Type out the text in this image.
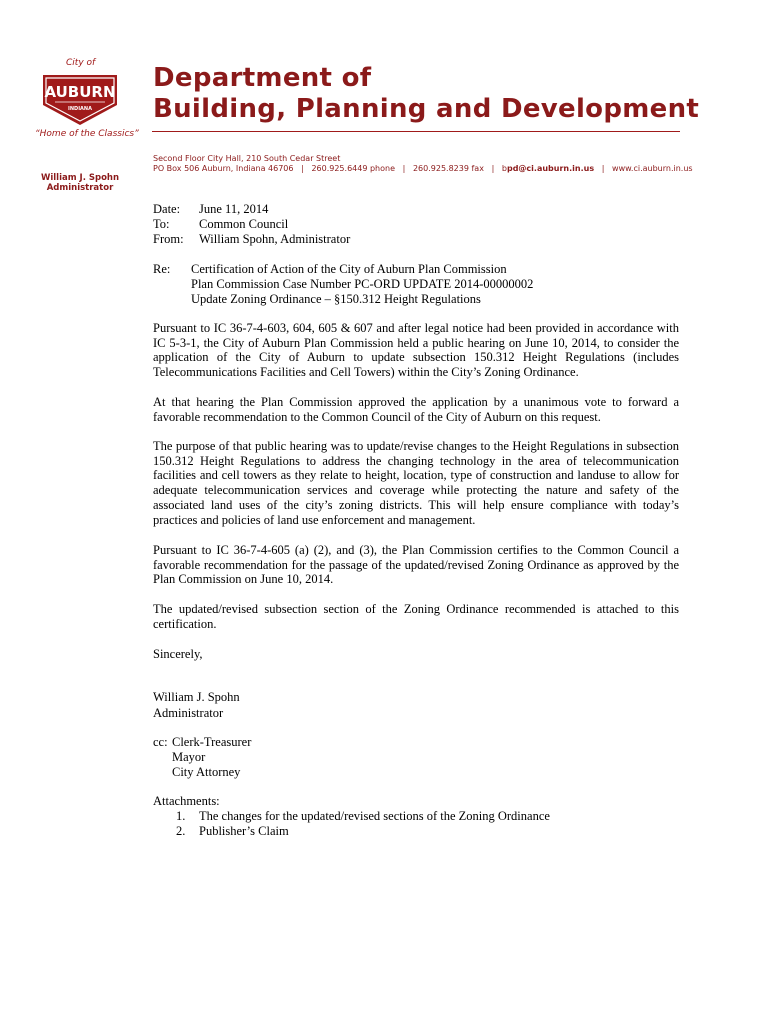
City of
AUBURN
INDIANA
“Home of the Classics”
Department of
Building, Planning and Development
Second Floor City Hall, 210 South Cedar Street
PO Box 506 Auburn, Indiana 46706   |   260.925.6449 phone   |   260.925.8239 fax   |   bpd@ci.auburn.in.us   |   www.ci.auburn.in.us
William J. Spohn
Administrator
Date: June 11, 2014
To: Common Council
From: William Spohn, Administrator
Re: Certification of Action of the City of Auburn Plan Commission
Plan Commission Case Number PC-ORD UPDATE 2014-00000002
Update Zoning Ordinance – §150.312 Height Regulations
Pursuant to IC 36-7-4-603, 604, 605 & 607 and after legal notice had been provided in accordance with IC 5-3-1, the City of Auburn Plan Commission held a public hearing on June 10, 2014, to consider the application of the City of Auburn to update subsection 150.312 Height Regulations (includes Telecommunications Facilities and Cell Towers) within the City’s Zoning Ordinance.
At that hearing the Plan Commission approved the application by a unanimous vote to forward a favorable recommendation to the Common Council of the City of Auburn on this request.
The purpose of that public hearing was to update/revise changes to the Height Regulations in subsection 150.312 Height Regulations to address the changing technology in the area of telecommunication facilities and cell towers as they relate to height, location, type of construction and landuse to allow for adequate telecommunication services and coverage while protecting the nature and safety of the associated land uses of the city’s zoning districts. This will help ensure compliance with today’s practices and policies of land use enforcement and management.
Pursuant to IC 36-7-4-605 (a) (2), and (3), the Plan Commission certifies to the Common Council a favorable recommendation for the passage of the updated/revised Zoning Ordinance as approved by the Plan Commission on June 10, 2014.
The updated/revised subsection section of the Zoning Ordinance recommended is attached to this certification.
Sincerely,
William J. Spohn
Administrator
cc: Clerk-Treasurer
Mayor
City Attorney
Attachments:
1. The changes for the updated/revised sections of the Zoning Ordinance
2. Publisher’s Claim
